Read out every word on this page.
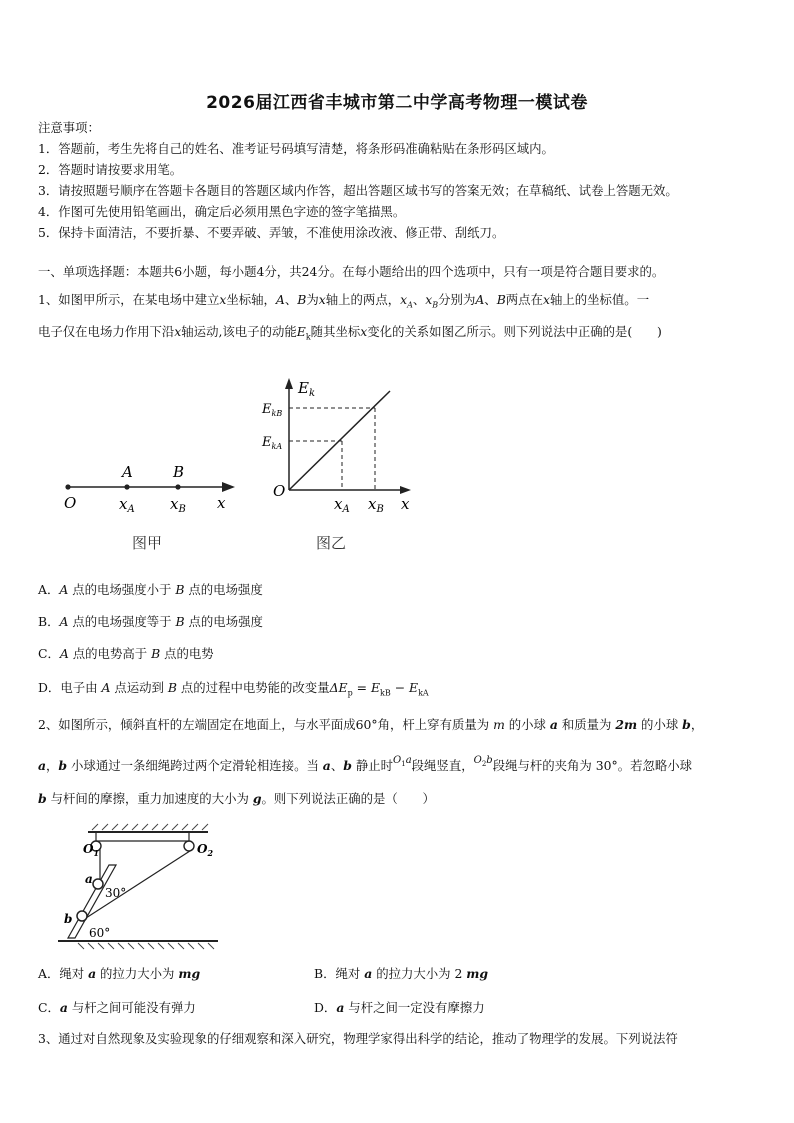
2026届江西省丰城市第二中学高考物理一模试卷
注意事项：
1．答题前，考生先将自己的姓名、准考证号码填写清楚，将条形码准确粘贴在条形码区域内。
2．答题时请按要求用笔。
3．请按照题号顺序在答题卡各题目的答题区域内作答，超出答题区域书写的答案无效；在草稿纸、试卷上答题无效。
4．作图可先使用铅笔画出，确定后必须用黑色字迹的签字笔描黑。
5．保持卡面清洁，不要折暴、不要弄破、弄皱，不准使用涂改液、修正带、刮纸刀。
一、单项选择题：本题共6小题，每小题4分，共24分。在每小题给出的四个选项中，只有一项是符合题目要求的。
1、如图甲所示，在某电场中建立x坐标轴，A、B为x轴上的两点，$x_A$、$x_B$分别为A、B两点在x轴上的坐标值。一
电子仅在电场力作用下沿x轴运动,该电子的动能$E_k$随其坐标x变化的关系如图乙所示。则下列说法中正确的是(　　)
O
A	B
$x_A$ $x_B$ x
图甲
$E_k$
$E_{kB}$
$E_{kA}$
O
$x_A$ $x_B$ x
图乙
A．A 点的电场强度小于 B 点的电场强度
B．A 点的电场强度等于 B 点的电场强度
C．A 点的电势高于 B 点的电势
D．电子由 A 点运动到 B 点的过程中电势能的改变量$\Delta E_p = E_{kB} - E_{kA}$
2、如图所示，倾斜直杆的左端固定在地面上，与水平面成60°角，杆上穿有质量为 m 的小球 a 和质量为 2m 的小球 b，
a，b 小球通过一条细绳跨过两个定滑轮相连接。当 a、b 静止时$^{O_1a}$段绳竖直，$^{O_2b}$段绳与杆的夹角为 30°。若忽略小球
b 与杆间的摩擦，重力加速度的大小为 g。则下列说法正确的是（　　）
$O_1$	$O_2$
a
b
30°
60°
A．绳对 a 的拉力大小为 mg	B．绳对 a 的拉力大小为 2 mg
C．a 与杆之间可能没有弹力	D．a 与杆之间一定没有摩擦力
3、通过对自然现象及实验现象的仔细观察和深入研究，物理学家得出科学的结论，推动了物理学的发展。下列说法符
